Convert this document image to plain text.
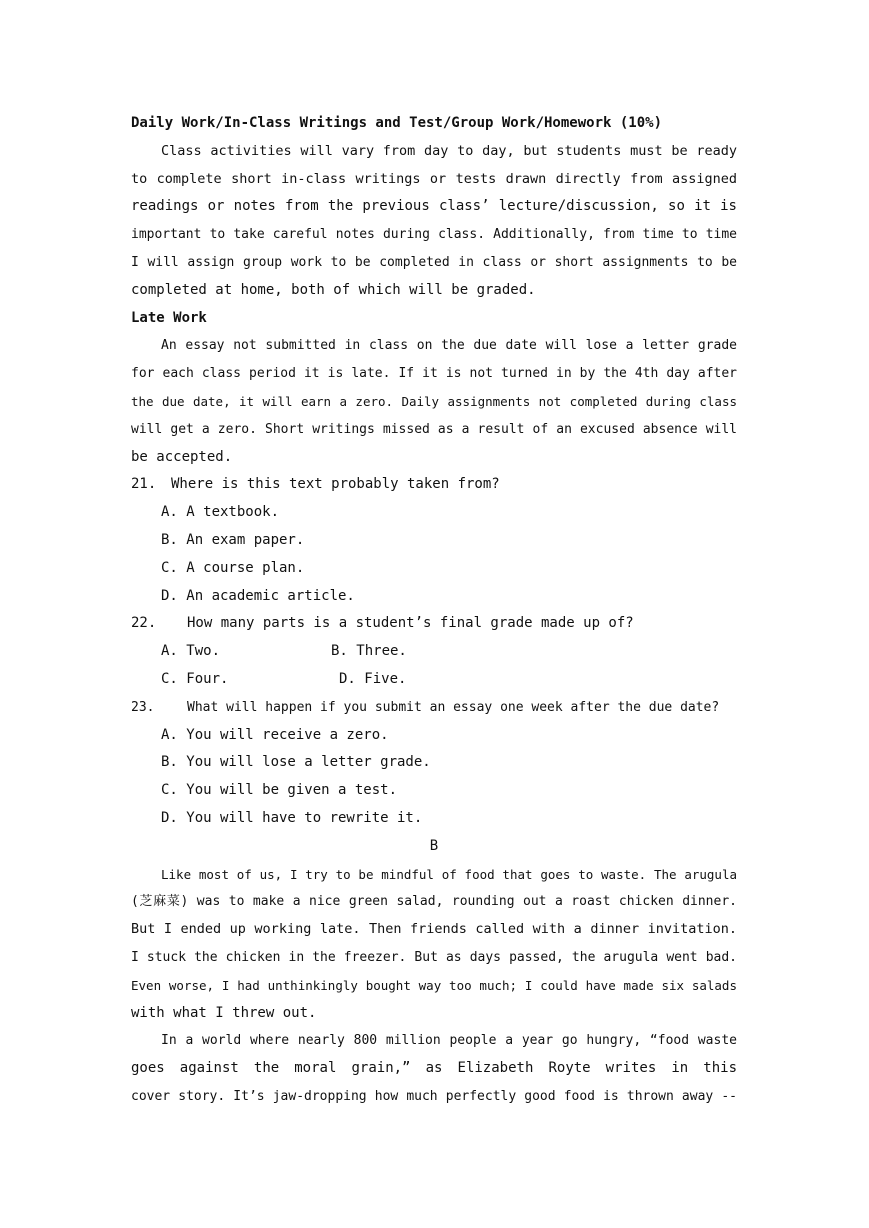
Daily Work/In-Class Writings and Test/Group Work/Homework (10%)
Class activities will vary from day to day, but students must be ready
to complete short in-class writings or tests drawn directly from assigned
readings or notes from the previous class’ lecture/discussion, so it is
important to take careful notes during class. Additionally, from time to time
I will assign group work to be completed in class or short assignments to be
completed at home, both of which will be graded.
Late Work
An essay not submitted in class on the due date will lose a letter grade
for each class period it is late. If it is not turned in by the 4th day after
the due date, it will earn a zero. Daily assignments not completed during class
will get a zero. Short writings missed as a result of an excused absence will
be accepted.
21. Where is this text probably taken from?
A. A textbook.
B. An exam paper.
C. A course plan.
D. An academic article.
22. How many parts is a student’s final grade made up of?
A. Two.	B. Three.
C. Four.	D. Five.
23.	What will happen if you submit an essay one week after the due date?
A. You will receive a zero.
B. You will lose a letter grade.
C. You will be given a test.
D. You will have to rewrite it.
B
Like most of us, I try to be mindful of food that goes to waste. The arugula
(芝麻菜) was to make a nice green salad, rounding out a roast chicken dinner.
But I ended up working late. Then friends called with a dinner invitation.
I stuck the chicken in the freezer. But as days passed, the arugula went bad.
Even worse, I had unthinkingly bought way too much; I could have made six salads
with what I threw out.
In a world where nearly 800 million people a year go hungry, “food waste
goes against the moral grain,” as Elizabeth Royte writes in this
cover story. It’s jaw-dropping how much perfectly good food is thrown away --
